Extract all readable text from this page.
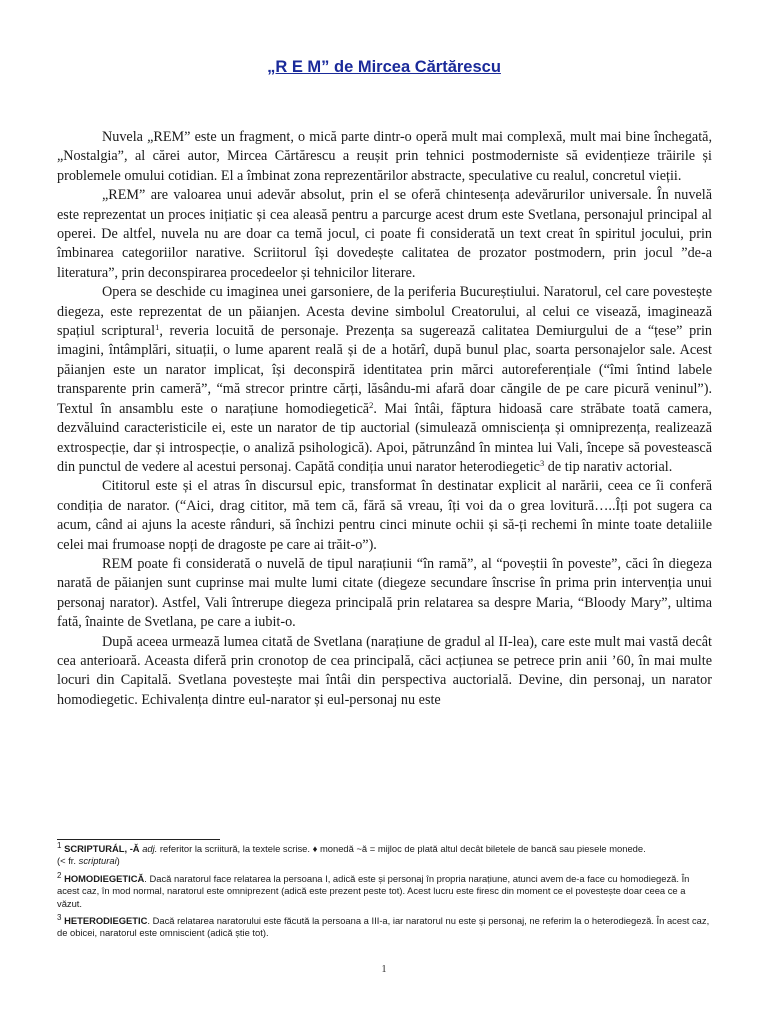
„R E M” de Mircea Cărtărescu

Nuvela „REM” este un fragment, o mică parte dintr-o operă mult mai complexă, mult mai bine închegată, „Nostalgia”, al cărei autor, Mircea Cărtărescu a reușit prin tehnici postmoderniste să evidențieze trăirile și problemele omului cotidian. El a îmbinat zona reprezentărilor abstracte, speculative cu realul, concretul vieții.

„REM” are valoarea unui adevăr absolut, prin el se oferă chintesența adevărurilor universale. În nuvelă este reprezentat un proces inițiatic și cea aleasă pentru a parcurge acest drum este Svetlana, personajul principal al operei. De altfel, nuvela nu are doar ca temă jocul, ci poate fi considerată un text creat în spiritul jocului, prin îmbinarea categoriilor narative. Scriitorul își dovedește calitatea de prozator postmodern, prin jocul ”de-a literatura”, prin deconspirarea procedeelor și tehnicilor literare.

Opera se deschide cu imaginea unei garsoniere, de la periferia Bucureștiului. Naratorul, cel care povestește diegeza, este reprezentat de un păianjen. Acesta devine simbolul Creatorului, al celui ce visează, imaginează spațiul scriptural$^1$, reveria locuită de personaje. Prezența sa sugerează calitatea Demiurgului de a “țese” prin imagini, întâmplări, situații, o lume aparent reală și de a hotărî, după bunul plac, soarta personajelor sale. Acest păianjen este un narator implicat, își deconspiră identitatea prin mărci autoreferențiale (“îmi întind labele transparente prin cameră”, “mă strecor printre cărți, lăsându-mi afară doar căngile de pe care picură veninul”). Textul în ansamblu este o narațiune homodiegetică$^2$. Mai întâi, făptura hidoasă care străbate toată camera, dezvăluind caracteristicile ei, este un narator de tip auctorial (simulează omnisciența și omniprezența, realizează extrospecție, dar și introspecție, o analiză psihologică). Apoi, pătrunzând în mintea lui Vali, începe să povestească din punctul de vedere al acestui personaj. Capătă condiția unui narator heterodiegetic$^3$ de tip narativ actorial.

Cititorul este și el atras în discursul epic, transformat în destinatar explicit al narării, ceea ce îi conferă condiția de narator. (“Aici, drag cititor, mă tem că, fără să vreau, îți voi da o grea lovitură…..Îți pot sugera ca acum, când ai ajuns la aceste rânduri, să închizi pentru cinci minute ochii și să-ți rechemi în minte toate detaliile celei mai frumoase nopți de dragoste pe care ai trăit-o”).

REM poate fi considerată o nuvelă de tipul narațiunii “în ramă”, al “poveștii în poveste”, căci în diegeza narată de păianjen sunt cuprinse mai multe lumi citate (diegeze secundare înscrise în prima prin intervenția unui personaj narator). Astfel, Vali întrerupe diegeza principală prin relatarea sa despre Maria, “Bloody Mary”, ultima fată, înainte de Svetlana, pe care a iubit-o.

După aceea urmează lumea citată de Svetlana (narațiune de gradul al II-lea), care este mult mai vastă decât cea anterioară. Aceasta diferă prin cronotop de cea principală, căci acțiunea se petrece prin anii ’60, în mai multe locuri din Capitală. Svetlana povestește mai întâi din perspectiva auctorială. Devine, din personaj, un narator homodiegetic. Echivalența dintre eul-narator și eul-personaj nu este

$^1$ SCRIPTURÁL, -Ă adj. referitor la scriitură, la textele scrise. ♦ monedă ~ă = mijloc de plată altul decât biletele de bancă sau piesele monede.
(< fr. scripturai)

$^2$ HOMODIEGETICĂ. Dacă naratorul face relatarea la persoana I, adică este și personaj în propria narațiune, atunci avem de-a face cu homodiegeză. În acest caz, în mod normal, naratorul este omniprezent (adică este prezent peste tot). Acest lucru este firesc din moment ce el povestește doar ceea ce a văzut.

$^3$ HETERODIEGETIC. Dacă relatarea naratorului este făcută la persoana a III-a, iar naratorul nu este și personaj, ne referim la o heterodiegeză. În acest caz, de obicei, naratorul este omniscient (adică știe tot).

1
